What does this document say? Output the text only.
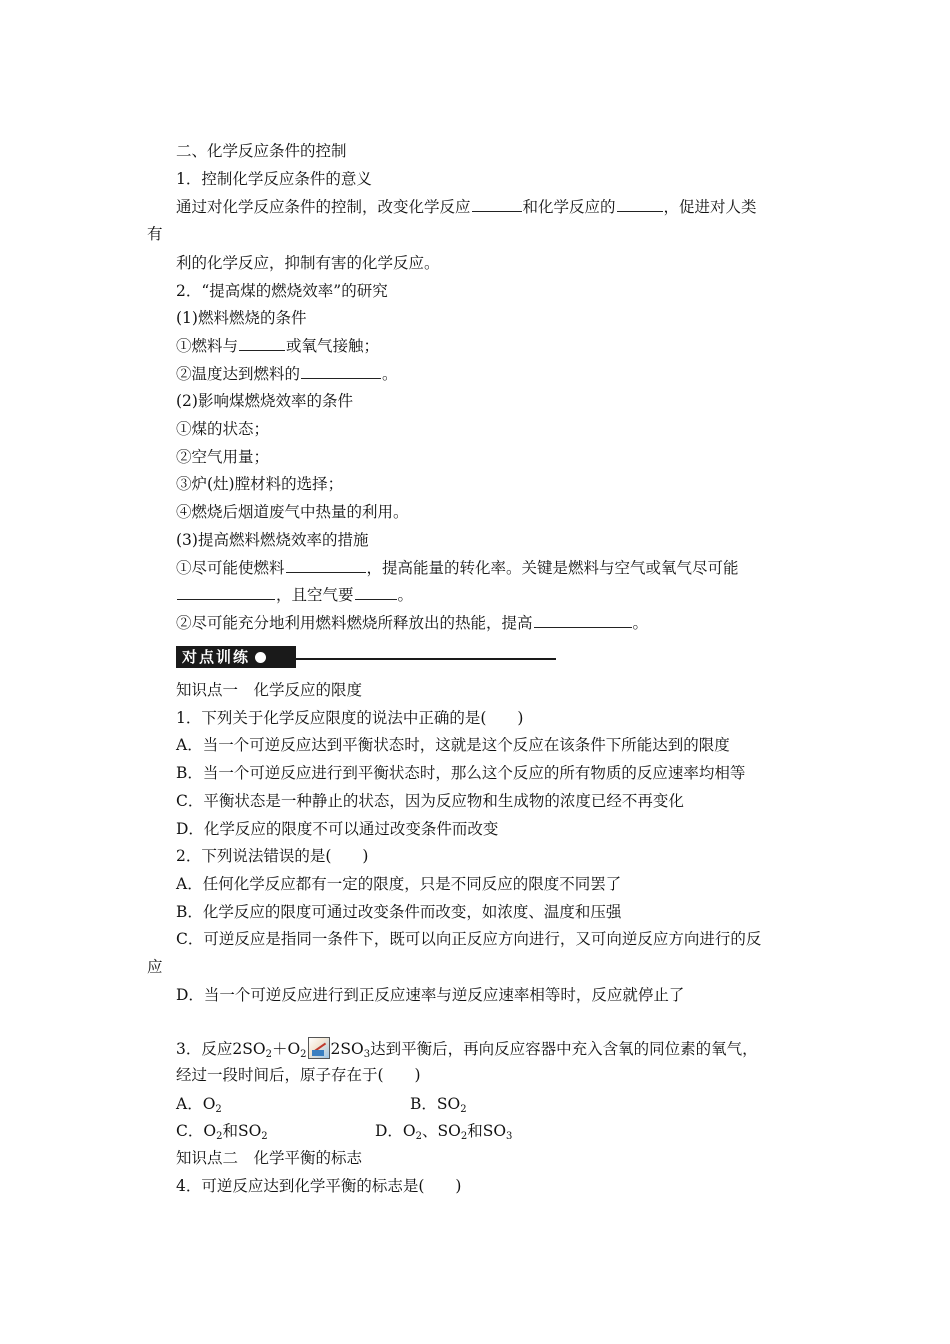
二、化学反应条件的控制
1．控制化学反应条件的意义
通过对化学反应条件的控制，改变化学反应	和化学反应的	，促进对人类
有
利的化学反应，抑制有害的化学反应。
2．“提高煤的燃烧效率”的研究
(1)燃料燃烧的条件
①燃料与	或氧气接触；
②温度达到燃料的	。
(2)影响煤燃烧效率的条件
①煤的状态；
②空气用量；
③炉(灶)膛材料的选择；
④燃烧后烟道废气中热量的利用。
(3)提高燃料燃烧效率的措施
①尽可能使燃料	，提高能量的转化率。关键是燃料与空气或氧气尽可能
，且空气要	。
②尽可能充分地利用燃料燃烧所释放出的热能，提高	。
对点训练
知识点一　化学反应的限度
1．下列关于化学反应限度的说法中正确的是(　　)
A．当一个可逆反应达到平衡状态时，这就是这个反应在该条件下所能达到的限度
B．当一个可逆反应进行到平衡状态时，那么这个反应的所有物质的反应速率均相等
C．平衡状态是一种静止的状态，因为反应物和生成物的浓度已经不再变化
D．化学反应的限度不可以通过改变条件而改变
2．下列说法错误的是(　　)
A．任何化学反应都有一定的限度，只是不同反应的限度不同罢了
B．化学反应的限度可通过改变条件而改变，如浓度、温度和压强
C．可逆反应是指同一条件下，既可以向正反应方向进行，又可向逆反应方向进行的反
应
D．当一个可逆反应进行到正反应速率与逆反应速率相等时，反应就停止了
3．反应$2SO_2+O_2$ $2SO_3$达到平衡后，再向反应容器中充入含氧的同位素的氧气，
经过一段时间后，原子存在于(　　)
A．$O_2$	B．$SO_2$
C．$O_2$和$SO_2$	D．$O_2$、$SO_2$和$SO_3$
知识点二　化学平衡的标志
4．可逆反应达到化学平衡的标志是(　　)
